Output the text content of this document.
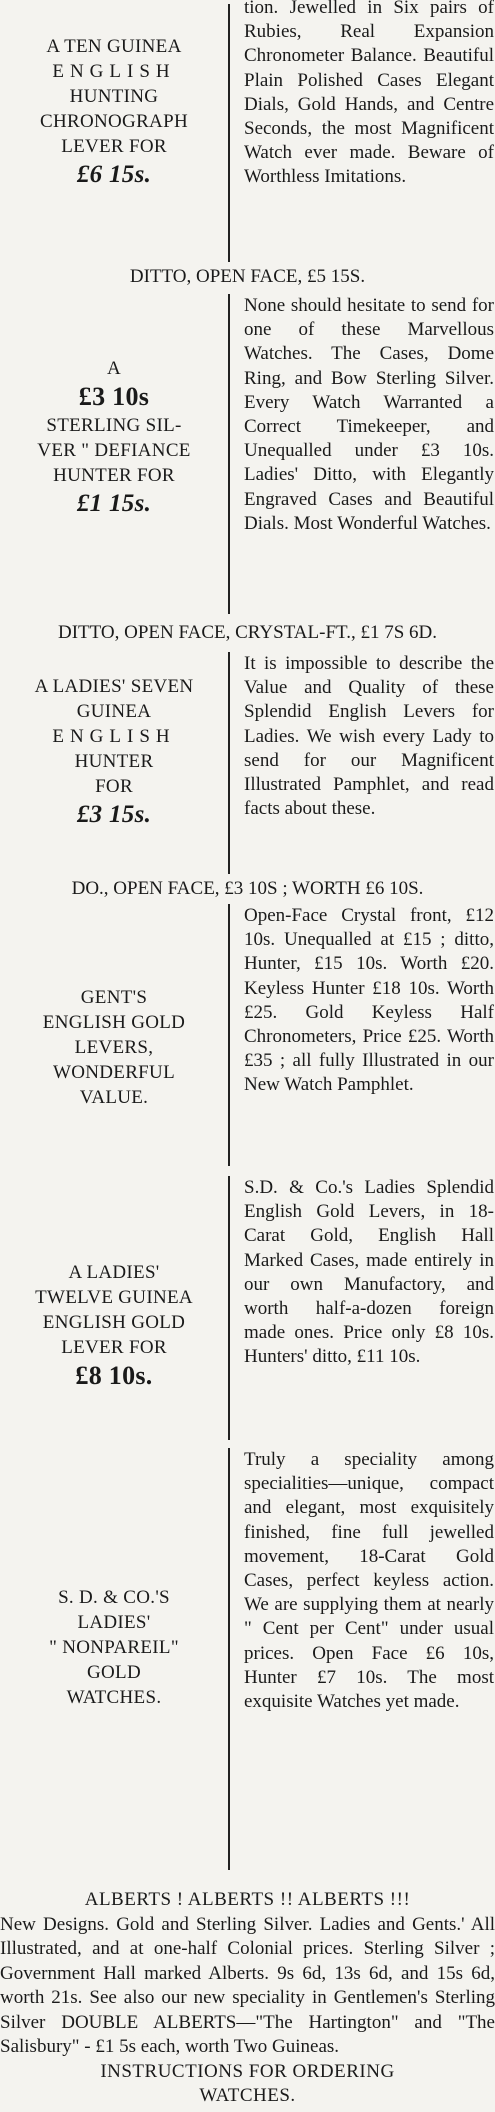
A TEN GUINEA
ENGLISH
HUNTING
CHRONOGRAPH
LEVER FOR
£6 15s.

tion. Jewelled in Six pairs of Rubies, Real Expansion Chronometer Balance. Beautiful Plain Polished Cases Elegant Dials, Gold Hands, and Centre Seconds, the most Magnificent Watch ever made. Beware of Worthless Imitations.

DITTO, OPEN FACE, £5 15S.
A
£3 10s
STERLING SIL-
VER " DEFIANCE
HUNTER FOR
£1 15s.

None should hesitate to send for one of these Marvellous Watches. The Cases, Dome Ring, and Bow Sterling Silver. Every Watch Warranted a Correct Timekeeper, and Unequalled under £3 10s. Ladies' Ditto, with Elegantly Engraved Cases and Beautiful Dials. Most Wonderful Watches.

DITTO, OPEN FACE, CRYSTAL-FT., £1 7S 6D.
A LADIES' SEVEN
GUINEA
ENGLISH
HUNTER
FOR
£3 15s.

It is impossible to describe the Value and Quality of these Splendid English Levers for Ladies. We wish every Lady to send for our Magnificent Illustrated Pamphlet, and read facts about these.

DO., OPEN FACE, £3 10S ; WORTH £6 10S.
GENT'S
ENGLISH GOLD
LEVERS,
WONDERFUL
VALUE.

Open-Face Crystal front, £12 10s. Unequalled at £15 ; ditto, Hunter, £15 10s. Worth £20. Keyless Hunter £18 10s. Worth £25. Gold Keyless Half Chronometers, Price £25. Worth £35 ; all fully Illustrated in our New Watch Pamphlet.

A LADIES'
TWELVE GUINEA
ENGLISH GOLD
LEVER FOR
£8 10s.

S.D. & Co.'s Ladies Splendid English Gold Levers, in 18-Carat Gold, English Hall Marked Cases, made entirely in our own Manufactory, and worth half-a-dozen foreign made ones. Price only £8 10s. Hunters' ditto, £11 10s.

S. D. & CO.'S
LADIES'
" NONPAREIL"
GOLD
WATCHES.

Truly a speciality among specialities—unique, compact and elegant, most exquisitely finished, fine full jewelled movement, 18-Carat Gold Cases, perfect keyless action. We are supplying them at nearly " Cent per Cent" under usual prices. Open Face £6 10s, Hunter £7 10s. The most exquisite Watches yet made.

ALBERTS ! ALBERTS !! ALBERTS !!!

New Designs. Gold and Sterling Silver. Ladies and Gents.' All Illustrated, and at one-half Colonial prices. Sterling Silver ; Government Hall marked Alberts. 9s 6d, 13s 6d, and 15s 6d, worth 21s. See also our new speciality in Gentlemen's Sterling Silver DOUBLE ALBERTS—"The Hartington" and "The Salisbury" - £1 5s each, worth Two Guineas.

INSTRUCTIONS FOR ORDERING

WATCHES.
